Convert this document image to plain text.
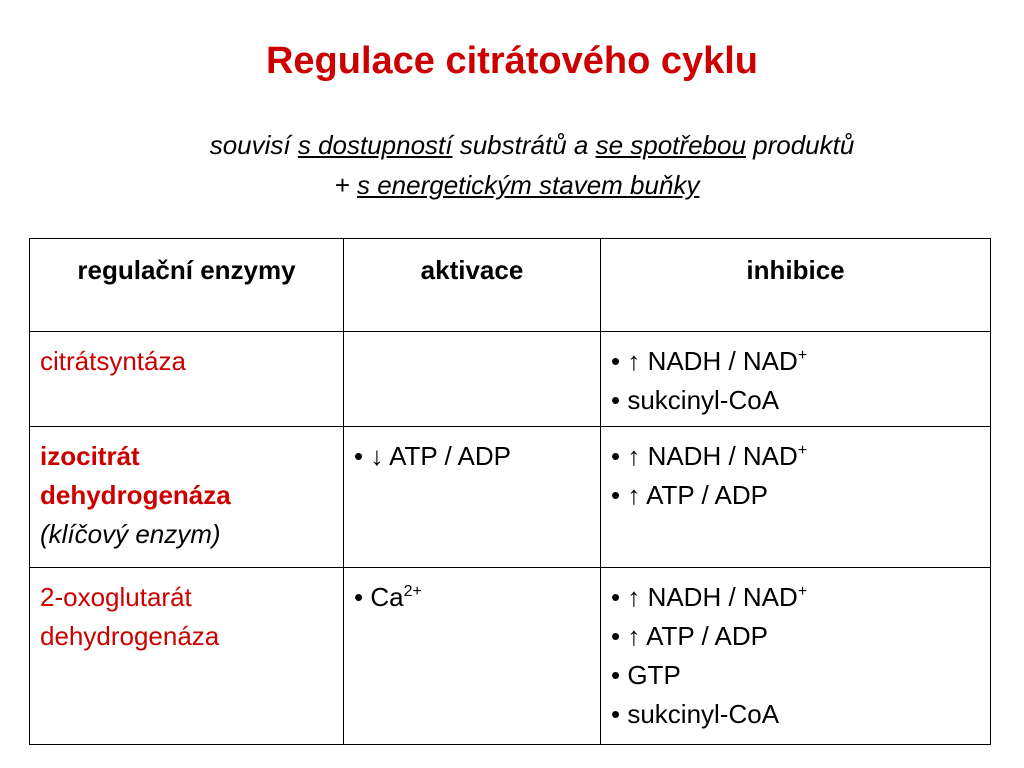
Regulace citrátového cyklu
souvisí s dostupností substrátů a se spotřebou produktů
+ s energetickým stavem buňky
regulační enzymy	aktivace	inhibice

citrátsyntáza		• ↑ NADH / NAD+
• sukcinyl-CoA

izocitrát
dehydrogenáza
(klíčový enzym)	• ↓ ATP / ADP	• ↑ NADH / NAD+
• ↑ ATP / ADP

2-oxoglutarát
dehydrogenáza	• $Ca^{2+}$	• ↑ NADH / NAD+
• ↑ ATP / ADP
• GTP
• sukcinyl-CoA
